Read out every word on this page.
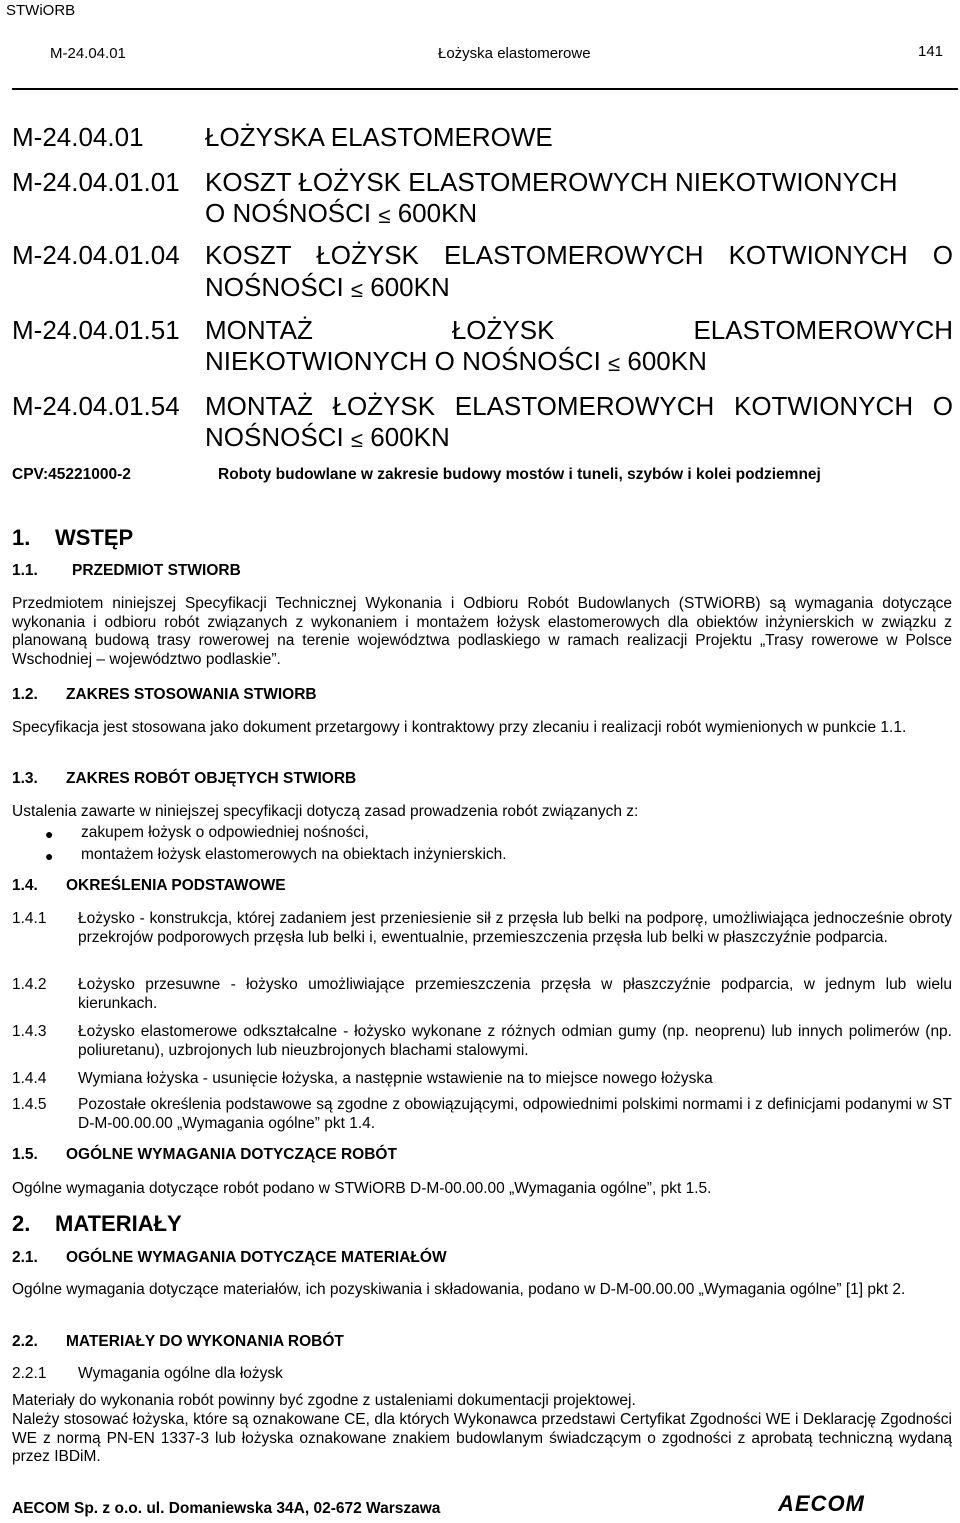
STWiORB
M-24.04.01	Łożyska elastomerowe	141
M-24.04.01 ŁOŻYSKA ELASTOMEROWE
M-24.04.01.01 KOSZT ŁOŻYSK ELASTOMEROWYCH NIEKOTWIONYCH
O NOŚNOŚCI ≤ 600KN
M-24.04.01.04 KOSZT ŁOŻYSK ELASTOMEROWYCH KOTWIONYCH O
NOŚNOŚCI ≤ 600KN
M-24.04.01.51 MONTAŻ	ŁOŻYSK	ELASTOMEROWYCH
NIEKOTWIONYCH O NOŚNOŚCI ≤ 600KN
M-24.04.01.54 MONTAŻ ŁOŻYSK ELASTOMEROWYCH KOTWIONYCH O
NOŚNOŚCI ≤ 600KN
CPV:45221000-2	Roboty budowlane w zakresie budowy mostów i tuneli, szybów i kolei podziemnej
1. WSTĘP
1.1. PRZEDMIOT STWIORB
Przedmiotem niniejszej Specyfikacji Technicznej Wykonania i Odbioru Robót Budowlanych (STWiORB) są wymagania dotyczące wykonania i odbioru robót związanych z wykonaniem i montażem łożysk elastomerowych dla obiektów inżynierskich w związku z planowaną budową trasy rowerowej na terenie województwa podlaskiego w ramach realizacji Projektu „Trasy rowerowe w Polsce Wschodniej – województwo podlaskie”.
1.2. ZAKRES STOSOWANIA STWIORB
Specyfikacja jest stosowana jako dokument przetargowy i kontraktowy przy zlecaniu i realizacji robót wymienionych w punkcie 1.1.
1.3. ZAKRES ROBÓT OBJĘTYCH STWIORB
Ustalenia zawarte w niniejszej specyfikacji dotyczą zasad prowadzenia robót związanych z:
● zakupem łożysk o odpowiedniej nośności,
● montażem łożysk elastomerowych na obiektach inżynierskich.
1.4. OKREŚLENIA PODSTAWOWE
1.4.1 Łożysko - konstrukcja, której zadaniem jest przeniesienie sił z przęsła lub belki na podporę, umożliwiająca jednocześnie obroty przekrojów podporowych przęsła lub belki i, ewentualnie, przemieszczenia przęsła lub belki w płaszczyźnie podparcia.
1.4.2 Łożysko przesuwne - łożysko umożliwiające przemieszczenia przęsła w płaszczyźnie podparcia, w jednym lub wielu kierunkach.
1.4.3 Łożysko elastomerowe odkształcalne - łożysko wykonane z różnych odmian gumy (np. neoprenu) lub innych polimerów (np. poliuretanu), uzbrojonych lub nieuzbrojonych blachami stalowymi.
1.4.4 Wymiana łożyska - usunięcie łożyska, a następnie wstawienie na to miejsce nowego łożyska
1.4.5 Pozostałe określenia podstawowe są zgodne z obowiązującymi, odpowiednimi polskimi normami i z definicjami podanymi w ST D-M-00.00.00 „Wymagania ogólne” pkt 1.4.
1.5. OGÓLNE WYMAGANIA DOTYCZĄCE ROBÓT
Ogólne wymagania dotyczące robót podano w STWiORB D-M-00.00.00 „Wymagania ogólne”, pkt 1.5.
2. MATERIAŁY
2.1. OGÓLNE WYMAGANIA DOTYCZĄCE MATERIAŁÓW
Ogólne wymagania dotyczące materiałów, ich pozyskiwania i składowania, podano w D-M-00.00.00 „Wymagania ogólne” [1] pkt 2.
2.2. MATERIAŁY DO WYKONANIA ROBÓT
2.2.1 Wymagania ogólne dla łożysk
Materiały do wykonania robót powinny być zgodne z ustaleniami dokumentacji projektowej.
Należy stosować łożyska, które są oznakowane CE, dla których Wykonawca przedstawi Certyfikat Zgodności WE i Deklarację Zgodności WE z normą PN-EN 1337-3 lub łożyska oznakowane znakiem budowlanym świadczącym o zgodności z aprobatą techniczną wydaną przez IBDiM.
AECOM Sp. z o.o. ul. Domaniewska 34A, 02-672 Warszawa	AECOM
